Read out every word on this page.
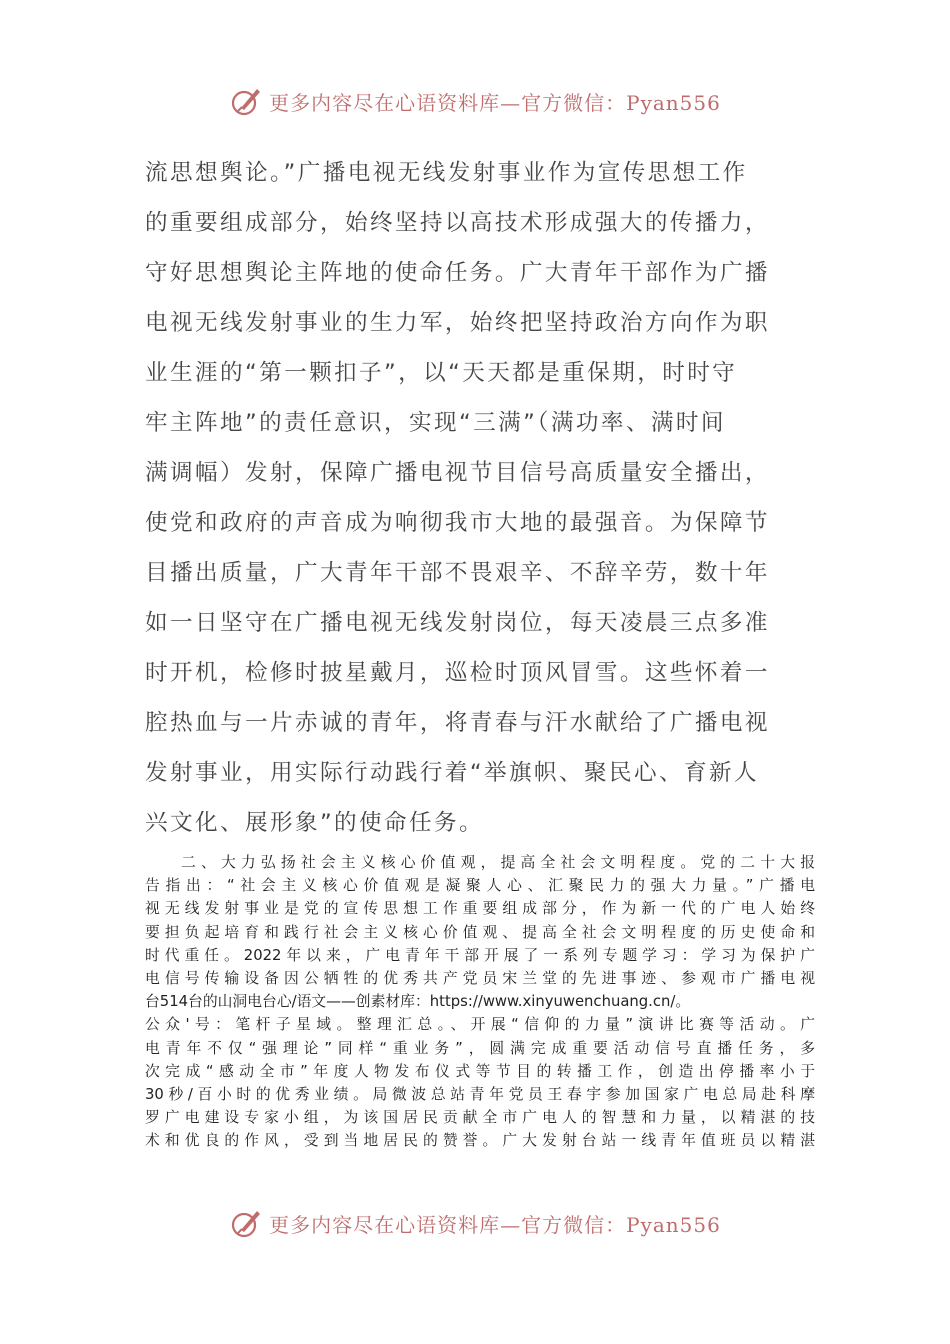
更多内容尽在心语资料库—官方微信：Pyan556
流思想舆论。”广播电视无线发射事业作为宣传思想工作
的重要组成部分，始终坚持以高技术形成强大的传播力，
守好思想舆论主阵地的使命任务。广大青年干部作为广播
电视无线发射事业的生力军，始终把坚持政治方向作为职
业生涯的“第一颗扣子”，以“天天都是重保期，时时守
牢主阵地”的责任意识，实现“三满”（满功率、满时间
满调幅）发射，保障广播电视节目信号高质量安全播出，
使党和政府的声音成为响彻我市大地的最强音。为保障节
目播出质量，广大青年干部不畏艰辛、不辞辛劳，数十年
如一日坚守在广播电视无线发射岗位，每天凌晨三点多准
时开机，检修时披星戴月，巡检时顶风冒雪。这些怀着一
腔热血与一片赤诚的青年，将青春与汗水献给了广播电视
发射事业，用实际行动践行着“举旗帜、聚民心、育新人
兴文化、展形象”的使命任务。
二、大力弘扬社会主义核心价值观，提高全社会文明程度。党的二十大报
告指出：“社会主义核心价值观是凝聚人心、汇聚民力的强大力量。”广播电
视无线发射事业是党的宣传思想工作重要组成部分，作为新一代的广电人始终
要担负起培育和践行社会主义核心价值观、提高全社会文明程度的历史使命和
时代重任。2022年以来，广电青年干部开展了一系列专题学习：学习为保护广
电信号传输设备因公牺牲的优秀共产党员宋兰堂的先进事迹、参观市广播电视
台514台的山洞电台心/语文——创素材库：https://www.xinyuwenchuang.cn/。
公众'号：笔杆子星域。整理汇总。、开展“信仰的力量”演讲比赛等活动。广
电青年不仅“强理论”同样“重业务”，圆满完成重要活动信号直播任务，多
次完成“感动全市”年度人物发布仪式等节目的转播工作，创造出停播率小于
30秒/百小时的优秀业绩。局微波总站青年党员王春宇参加国家广电总局赴科摩
罗广电建设专家小组，为该国居民贡献全市广电人的智慧和力量，以精湛的技
术和优良的作风，受到当地居民的赞誉。广大发射台站一线青年值班员以精湛
更多内容尽在心语资料库—官方微信：Pyan556
